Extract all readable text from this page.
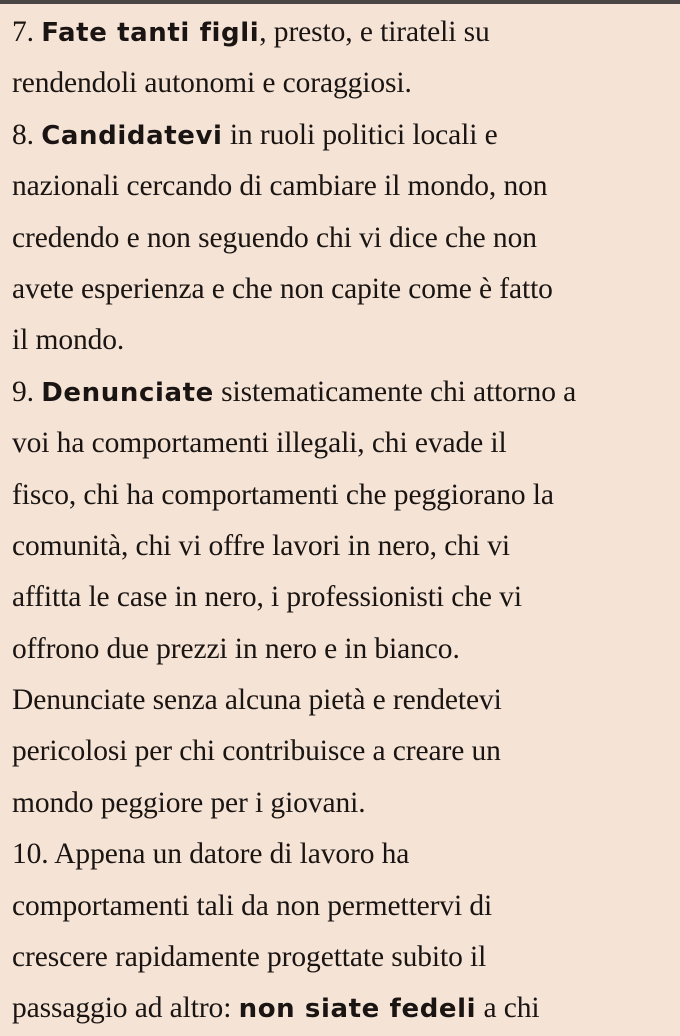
7. Fate tanti figli, presto, e tirateli su
rendendoli autonomi e coraggiosi.
8. Candidatevi in ruoli politici locali e
nazionali cercando di cambiare il mondo, non
credendo e non seguendo chi vi dice che non
avete esperienza e che non capite come è fatto
il mondo.
9. Denunciate sistematicamente chi attorno a
voi ha comportamenti illegali, chi evade il
fisco, chi ha comportamenti che peggiorano la
comunità, chi vi offre lavori in nero, chi vi
affitta le case in nero, i professionisti che vi
offrono due prezzi in nero e in bianco.
Denunciate senza alcuna pietà e rendetevi
pericolosi per chi contribuisce a creare un
mondo peggiore per i giovani.
10. Appena un datore di lavoro ha
comportamenti tali da non permettervi di
crescere rapidamente progettate subito il
passaggio ad altro: non siate fedeli a chi
